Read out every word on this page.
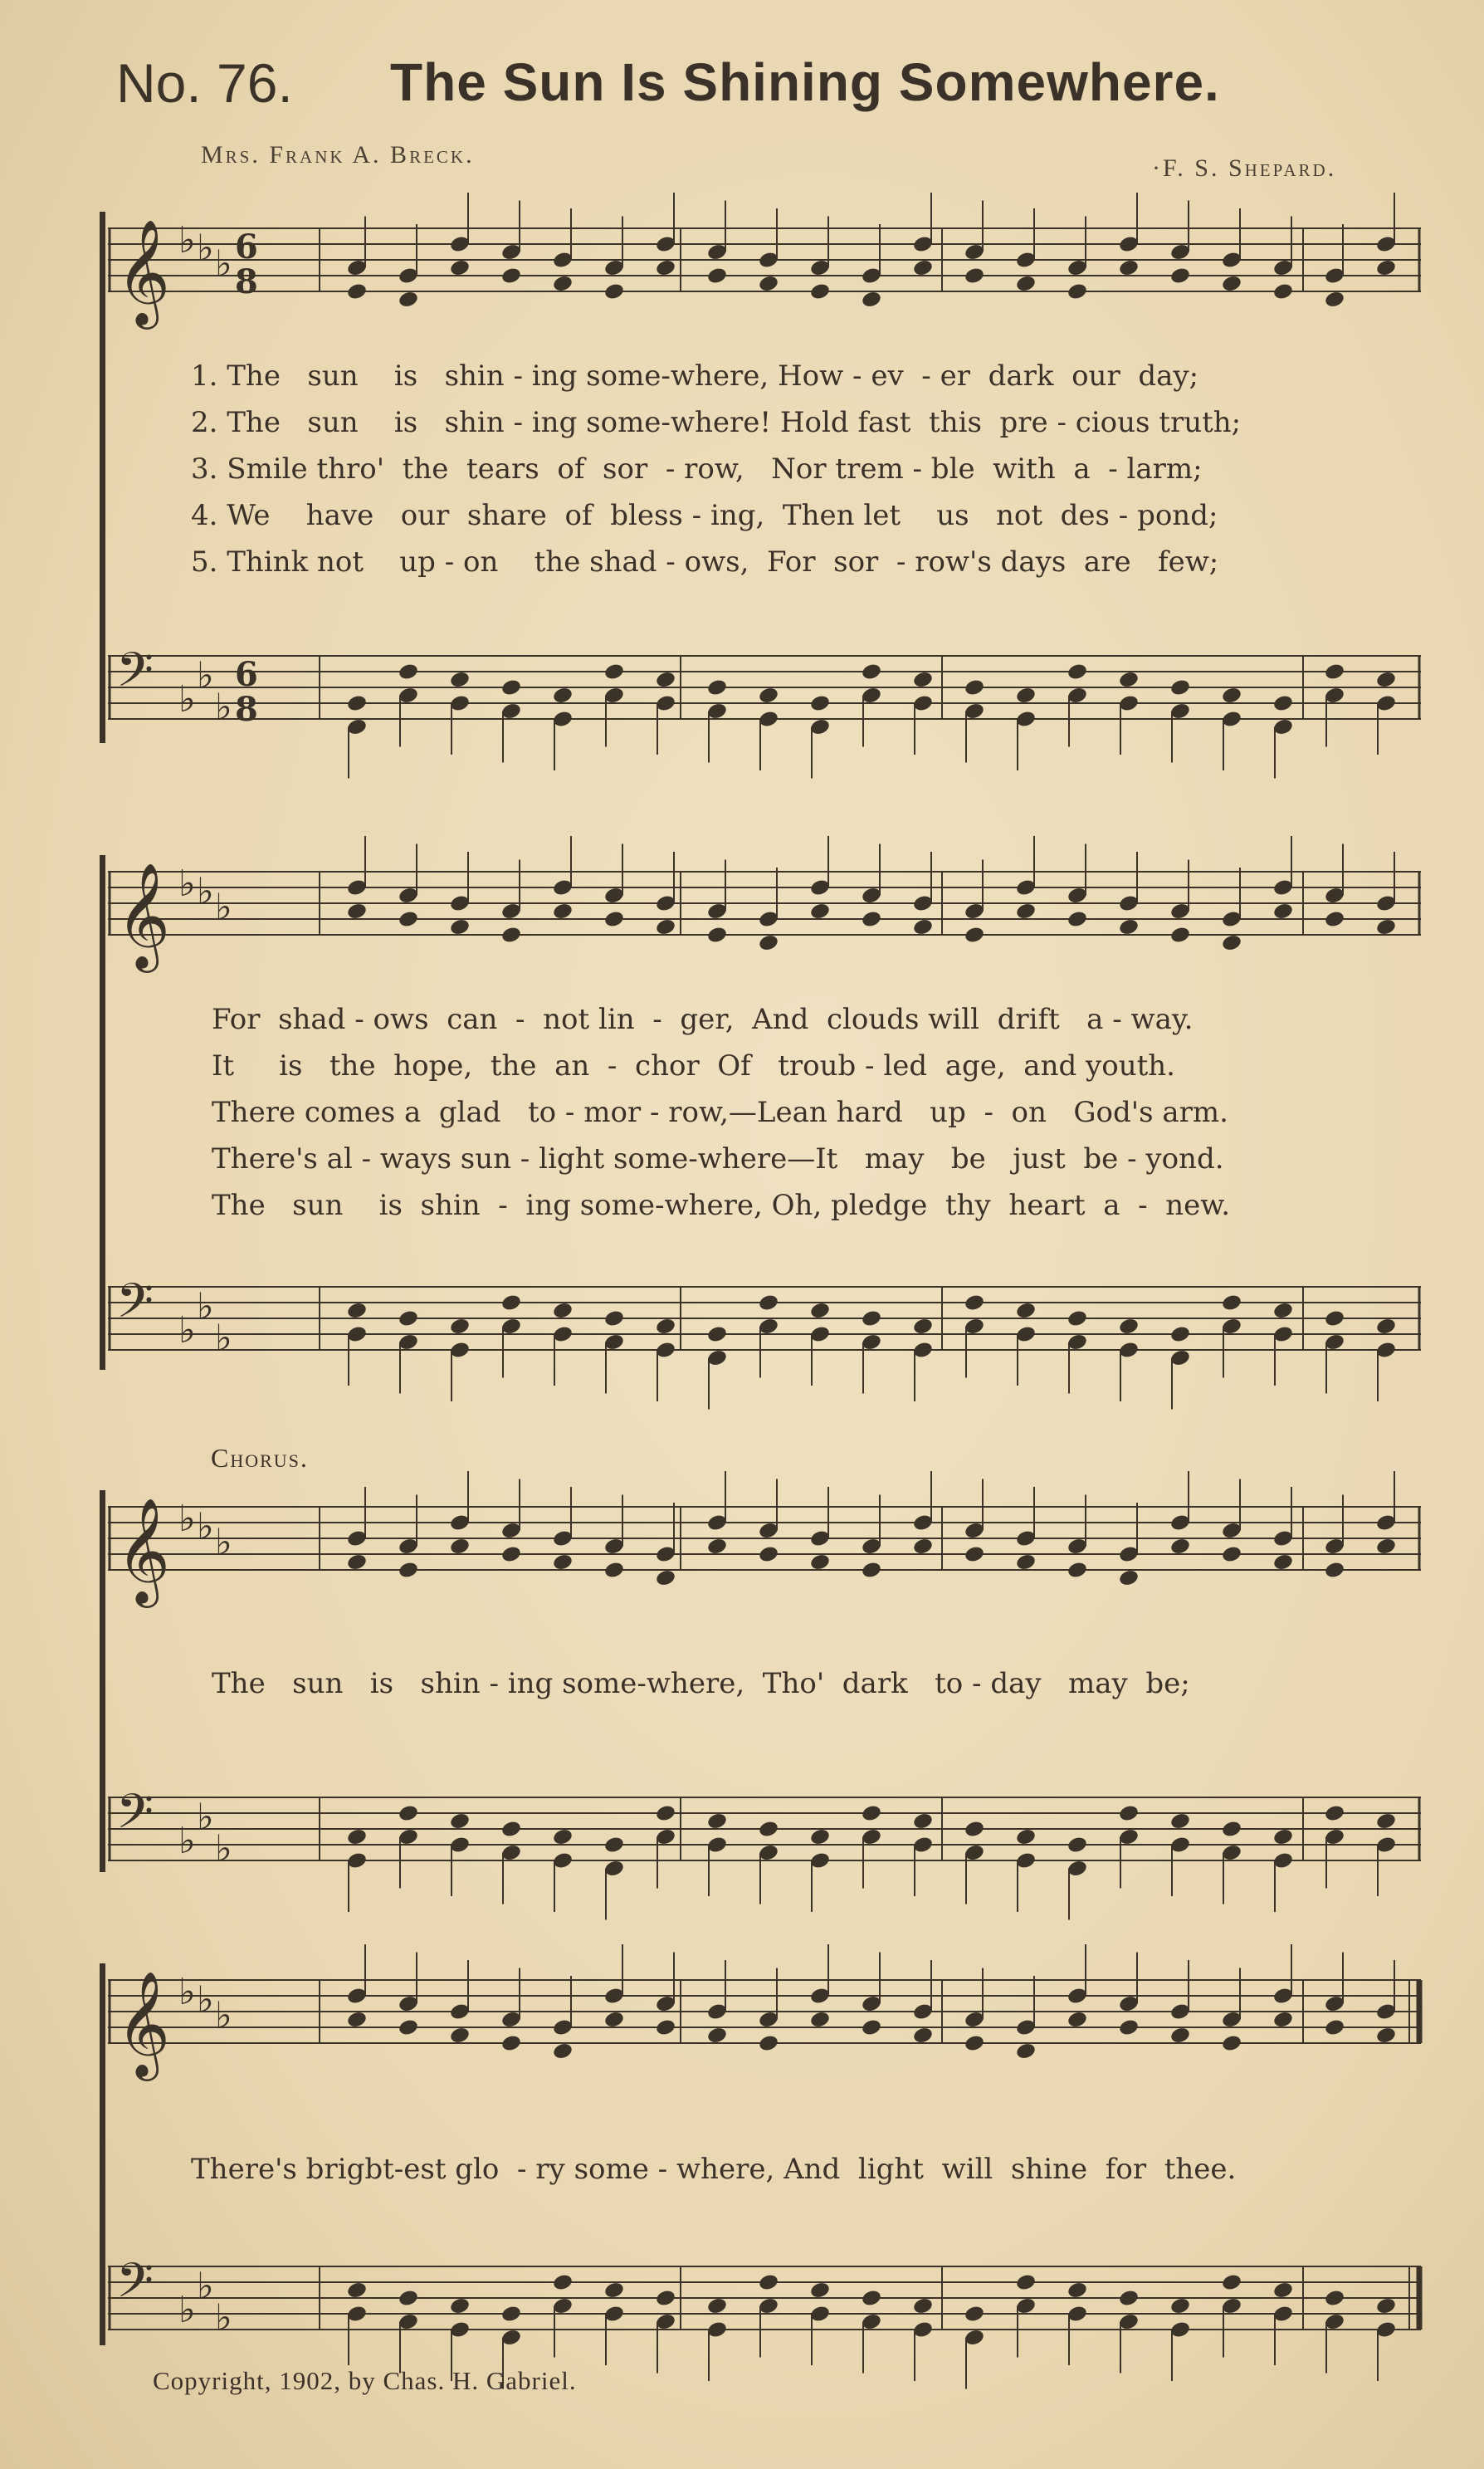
No. 76. The Sun Is Shining Somewhere.
Mrs. Frank A. Breck.	·F. S. Shepard.
𝄞 ♭ ♭ ♭ 6
8
𝄢 ♭
♭
♭
6
8
1. The   sun    is   shin - ing some-where, How - ev  - er  dark  our  day;
2. The   sun    is   shin - ing some-where! Hold fast  this  pre - cious truth;
3. Smile thro'  the  tears  of  sor  - row,   Nor trem - ble  with  a  - larm;
4. We    have   our  share  of  bless - ing,  Then let    us   not  des - pond;
5. Think not    up - on    the shad - ows,  For  sor  - row's days  are   few;
𝄞 ♭ ♭ ♭
𝄢 ♭
♭
♭
For  shad - ows  can  -  not lin  -  ger,  And  clouds will  drift   a - way.
It     is   the  hope,  the  an  -  chor  Of   troub - led  age,  and youth.
There comes a  glad   to - mor - row,—Lean hard   up  -  on   God's arm.
There's al - ways sun - light some-where—It   may   be   just  be - yond.
The   sun    is  shin  -  ing some-where, Oh, pledge  thy  heart  a  -  new.
Chorus.
𝄞 ♭ ♭ ♭
𝄢 ♭
♭
♭
The   sun   is   shin - ing some-where,  Tho'  dark   to - day   may  be;
𝄞 ♭ ♭ ♭
𝄢 ♭
♭
♭
There's brigbt-est glo  - ry some - where, And  light  will  shine  for  thee.
Copyright, 1902, by Chas. H. Gabriel.
